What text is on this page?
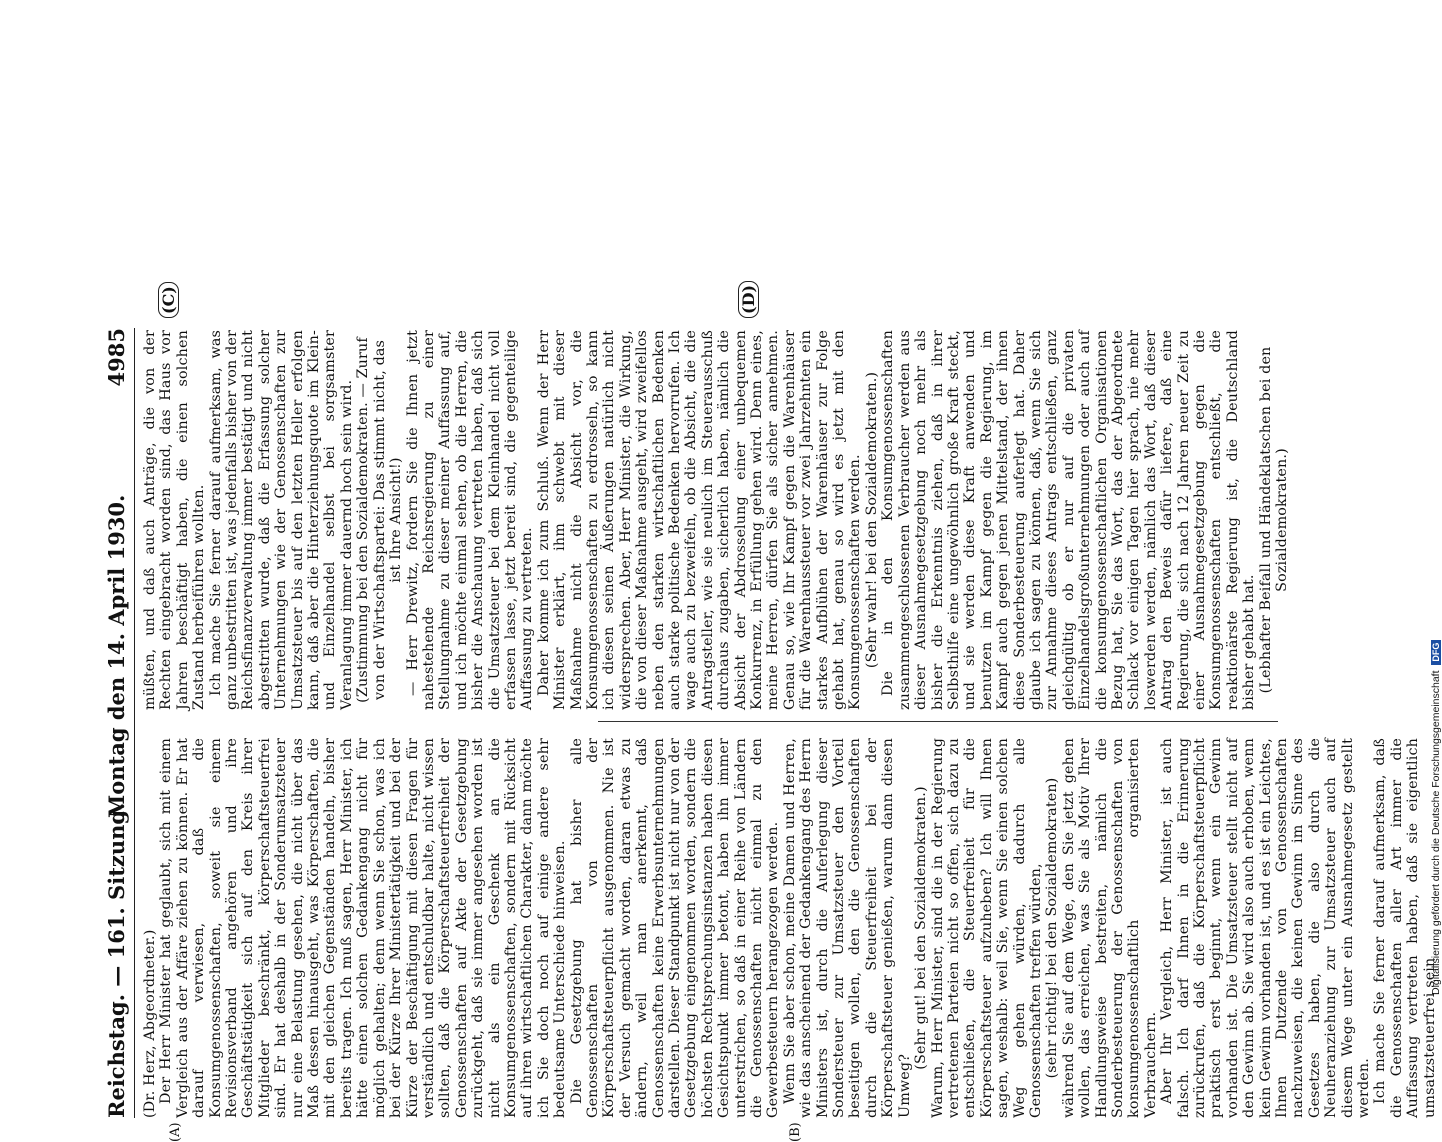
Reichstag. — 161. Sitzung.
Montag den 14. April 1930.
4985
(A)	(B)
(C)	(D)

(Dr. Herz, Abgeordneter.) Der Herr Minister hat geglaubt, sich mit einem Vergleich aus der Affäre ziehen zu können. Er hat darauf verwiesen, daß die Konsumgenossenschaften, soweit sie einem Revisionsverband angehören und ihre Geschäftstätigkeit sich auf den Kreis ihrer Mitglieder beschränkt, körperschaftsteuerfrei sind. Er hat deshalb in der Sonderumsatzsteuer nur eine Belastung gesehen, die nicht über das Maß dessen hinausgeht, was Körperschaften, die mit den gleichen Gegenständen handeln, bisher bereits tragen. Ich muß sagen, Herr Minister, ich hätte einen solchen Gedankengang nicht für möglich gehalten; denn wenn Sie schon, was ich bei der Kürze Ihrer Ministertätigkeit und bei der Kürze der Beschäftigung mit diesen Fragen für verständlich und entschuldbar halte, nicht wissen sollten, daß die Körperschaftsteuerfreiheit der Genossenschaften auf Akte der Gesetzgebung zurückgeht, daß sie immer angesehen worden ist nicht als ein Geschenk an die Konsumgenossenschaften, sondern mit Rücksicht auf ihren wirtschaftlichen Charakter, dann möchte ich Sie doch noch auf einige andere sehr bedeutsame Unterschiede hinweisen. Die Gesetzgebung hat bisher alle Genossenschaften von der Körperschaftsteuerpflicht ausgenommen. Nie ist der Versuch gemacht worden, daran etwas zu ändern, weil man anerkennt, daß Genossenschaften keine Erwerbsunternehmungen darstellen. Dieser Standpunkt ist nicht nur von der Gesetzgebung eingenommen worden, sondern die höchsten Rechtsprechungsinstanzen haben diesen Gesichtspunkt immer betont, haben ihn immer unterstrichen, so daß in einer Reihe von Ländern die Genossenschaften nicht einmal zu den Gewerbesteuern herangezogen werden. Wenn Sie aber schon, meine Damen und Herren, wie das anscheinend der Gedankengang des Herrn Ministers ist, durch die Auferlegung dieser Sondersteuer zur Umsatzsteuer den Vorteil beseitigen wollen, den die Genossenschaften durch die Steuerfreiheit bei der Körperschaftsteuer genießen, warum dann diesen Umweg?

(Sehr gut! bei den Sozialdemokraten.) Warum, Herr Minister, sind die in der Regierung vertretenen Parteien nicht so offen, sich dazu zu entschließen, die Steuerfreiheit für die Körperschaftsteuer aufzuheben? Ich will Ihnen sagen, weshalb: weil Sie, wenn Sie einen solchen Weg gehen würden, dadurch alle Genossenschaften treffen würden, (sehr richtig! bei den Sozialdemokraten) während Sie auf dem Wege, den Sie jetzt gehen wollen, das erreichen, was Sie als Motiv Ihrer Handlungsweise bestreiten, nämlich die Sonderbesteuerung der Genossenschaften von konsumgenossenschaftlich organisierten Verbrauchern. Aber Ihr Vergleich, Herr Minister, ist auch falsch. Ich darf Ihnen in die Erinnerung zurückrufen, daß die Körperschaftsteuerpflicht praktisch erst beginnt, wenn ein Gewinn vorhanden ist. Die Umsatzsteuer stellt nicht auf den Gewinn ab. Sie wird also auch erhoben, wenn kein Gewinn vorhanden ist, und es ist ein Leichtes, Ihnen Dutzende von Genossenschaften nachzuweisen, die keinen Gewinn im Sinne des Gesetzes haben, die also durch die Neuheranziehung zur Umsatzsteuer auch auf diesem Wege unter ein Ausnahmegesetz gestellt werden. Ich mache Sie ferner darauf aufmerksam, daß die Genossenschaften aller Art immer die Auffassung vertreten haben, daß sie eigentlich umsatzsteuerfrei sein

müßten, und daß auch Anträge, die von der Rechten eingebracht worden sind, das Haus vor Jahren beschäftigt haben, die einen solchen Zustand herbeiführen wollten. Ich mache Sie ferner darauf aufmerksam, was ganz unbestritten ist, was jedenfalls bisher von der Reichsfinanzverwaltung immer bestätigt und nicht abgestritten wurde, daß die Erfassung solcher Unternehmungen wie der Genossenschaften zur Umsatzsteuer bis auf den letzten Heller erfolgen kann, daß aber die Hinterziehungsquote im Klein- und Einzelhandel selbst bei sorgsamster Veranlagung immer dauernd hoch sein wird. (Zustimmung bei den Sozialdemokraten. — Zuruf von der Wirtschaftspartei: Das stimmt nicht, das ist Ihre Ansicht!) — Herr Drewitz, fordern Sie die Ihnen jetzt nahestehende Reichsregierung zu einer Stellungnahme zu dieser meiner Auffassung auf, und ich möchte einmal sehen, ob die Herren, die bisher die Anschauung vertreten haben, daß sich die Umsatzsteuer bei dem Kleinhandel nicht voll erfassen lasse, jetzt bereit sind, die gegenteilige Auffassung zu vertreten. Daher komme ich zum Schluß. Wenn der Herr Minister erklärt, ihm schwebt mit dieser Maßnahme nicht die Absicht vor, die Konsumgenossenschaften zu erdrosseln, so kann ich diesen seinen Äußerungen natürlich nicht widersprechen. Aber, Herr Minister, die Wirkung, die von dieser Maßnahme ausgeht, wird zweifellos neben den starken wirtschaftlichen Bedenken auch starke politische Bedenken hervorrufen. Ich wage auch zu bezweifeln, ob die Absicht, die die Antragsteller, wie sie neulich im Steuerausschuß durchaus zugaben, sicherlich haben, nämlich die Absicht der Abdrosselung einer unbequemen Konkurrenz, in Erfüllung gehen wird. Denn eines, meine Herren, dürfen Sie als sicher annehmen. Genau so, wie Ihr Kampf gegen die Warenhäuser für die Warenhaussteuer vor zwei Jahrzehnten ein starkes Aufblühen der Warenhäuser zur Folge gehabt hat, genau so wird es jetzt mit den Konsumgenossenschaften werden. (Sehr wahr! bei den Sozialdemokraten.) Die in den Konsumgenossenschaften zusammengeschlossenen Verbraucher werden aus dieser Ausnahmegesetzgebung noch mehr als bisher die Erkenntnis ziehen, daß in ihrer Selbsthilfe eine ungewöhnlich große Kraft steckt, und sie werden diese Kraft anwenden und benutzen im Kampf gegen die Regierung, im Kampf auch gegen jenen Mittelstand, der ihnen diese Sonderbesteuerung auferlegt hat. Daher glaube ich sagen zu können, daß, wenn Sie sich zur Annahme dieses Antrags entschließen, ganz gleichgültig ob er nur auf die privaten Einzelhandelsgroßunternehmungen oder auch auf die konsumgenossenschaftlichen Organisationen Bezug hat, Sie das Wort, das der Abgeordnete Schlack vor einigen Tagen hier sprach, nie mehr loswerden werden, nämlich das Wort, daß dieser Antrag den Beweis dafür liefere, daß eine Regierung, die sich nach 12 Jahren neuer Zeit zu einer Ausnahmegesetzgebung gegen die Konsumgenossenschaften entschließt, die reaktionärste Regierung ist, die Deutschland bisher gehabt hat. (Lebhafter Beifall und Händeklatschen bei den Sozialdemokraten.)

Digitalisierung gefördert durch die Deutsche Forschungsgemeinschaft DFG
